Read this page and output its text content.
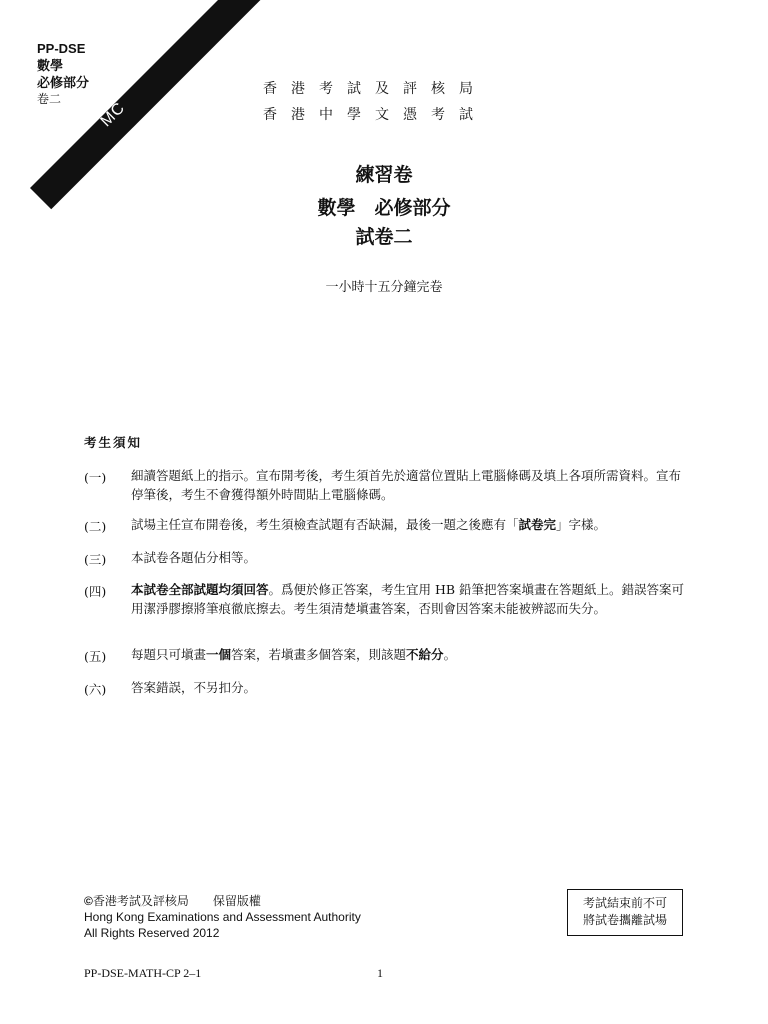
PP-DSE
數學
必修部分
卷二
MC
香港考試及評核局
香港中學文憑考試
練習卷
數學　必修部分
試卷二
一小時十五分鐘完卷
考生須知
(一) 細讀答題紙上的指示。宣布開考後，考生須首先於適當位置貼上電腦條碼及填上各項所需資料。宣布停筆後，考生不會獲得額外時間貼上電腦條碼。
(二) 試場主任宣布開卷後，考生須檢查試題有否缺漏，最後一題之後應有「試卷完」字樣。
(三) 本試卷各題佔分相等。
(四) 本試卷全部試題均須回答。爲便於修正答案，考生宜用 HB 鉛筆把答案塡畫在答題紙上。錯誤答案可用潔淨膠擦將筆痕徹底擦去。考生須清楚塡畫答案，否則會因答案未能被辨認而失分。
(五) 每題只可塡畫一個答案，若塡畫多個答案，則該題不給分。
(六) 答案錯誤，不另扣分。
©香港考試及評核局　　保留版權
Hong Kong Examinations and Assessment Authority
All Rights Reserved 2012
考試結束前不可
將試卷攜離試場
PP-DSE-MATH-CP 2–1	1
